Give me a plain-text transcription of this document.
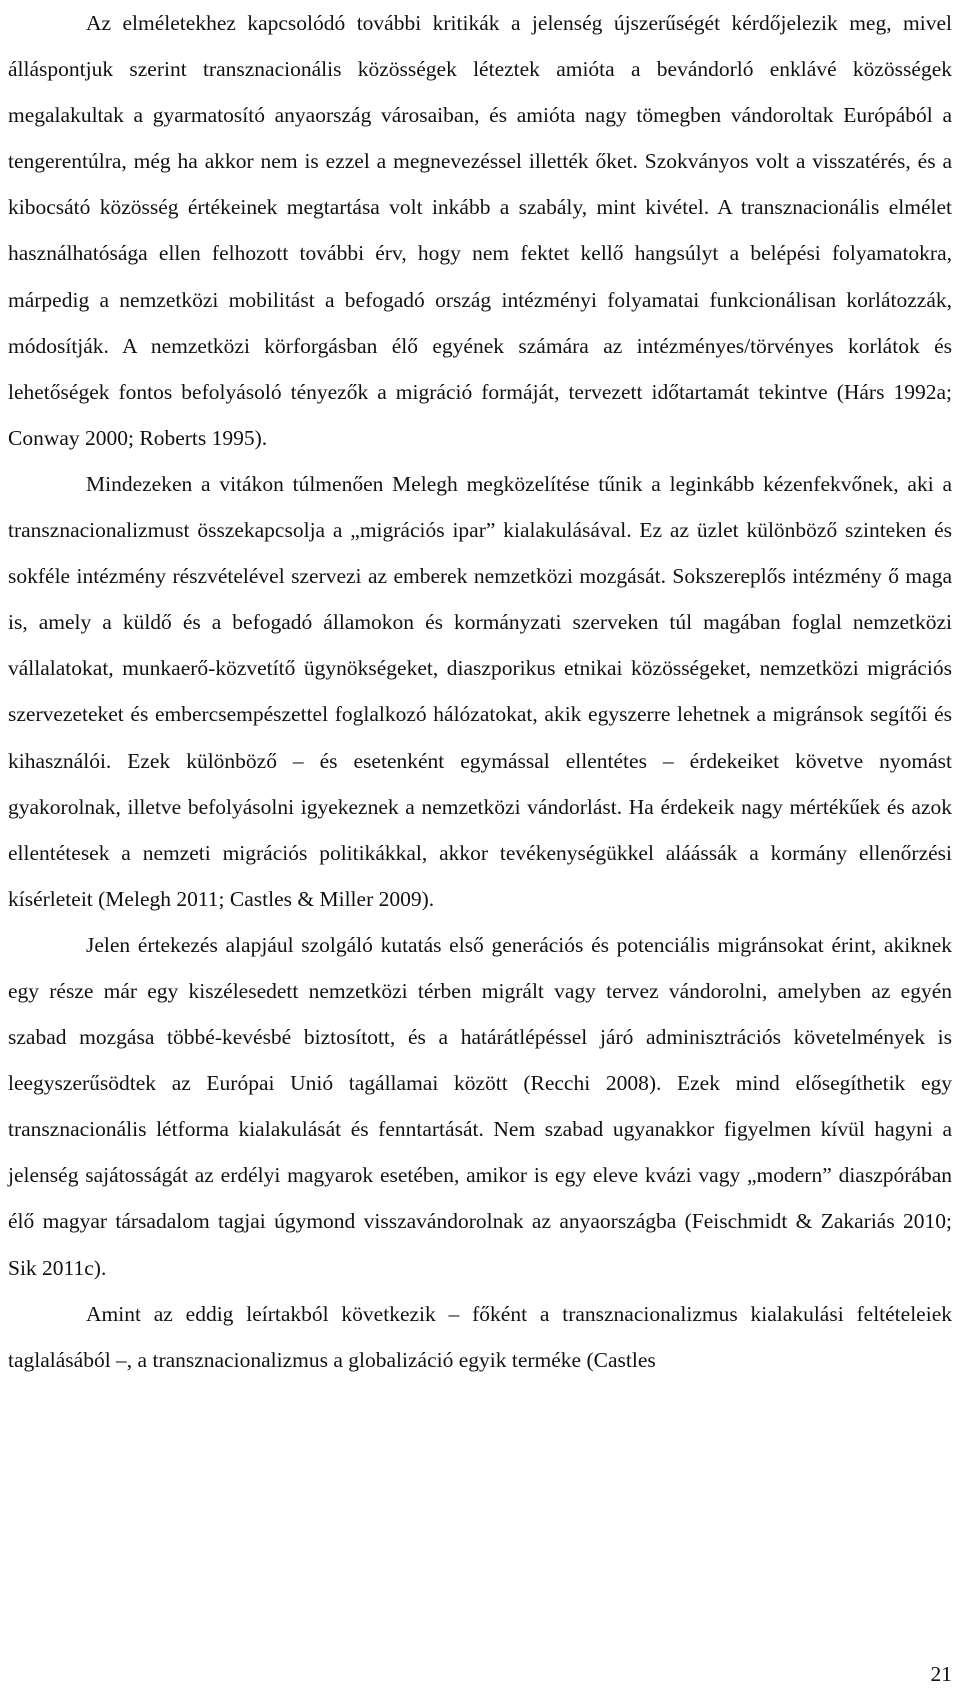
Az elméletekhez kapcsolódó további kritikák a jelenség újszerűségét kérdőjelezik meg, mivel álláspontjuk szerint transznacionális közösségek léteztek amióta a bevándorló enklávé közösségek megalakultak a gyarmatosító anyaország városaiban, és amióta nagy tömegben vándoroltak Európából a tengerentúlra, még ha akkor nem is ezzel a megnevezéssel illették őket. Szokványos volt a visszatérés, és a kibocsátó közösség értékeinek megtartása volt inkább a szabály, mint kivétel. A transznacionális elmélet használhatósága ellen felhozott további érv, hogy nem fektet kellő hangsúlyt a belépési folyamatokra, márpedig a nemzetközi mobilitást a befogadó ország intézményi folyamatai funkcionálisan korlátozzák, módosítják. A nemzetközi körforgásban élő egyének számára az intézményes/törvényes korlátok és lehetőségek fontos befolyásoló tényezők a migráció formáját, tervezett időtartamát tekintve (Hárs 1992a; Conway 2000; Roberts 1995).

Mindezeken a vitákon túlmenően Melegh megközelítése tűnik a leginkább kézenfekvőnek, aki a transznacionalizmust összekapcsolja a „migrációs ipar” kialakulásával. Ez az üzlet különböző szinteken és sokféle intézmény részvételével szervezi az emberek nemzetközi mozgását. Sokszereplős intézmény ő maga is, amely a küldő és a befogadó államokon és kormányzati szerveken túl magában foglal nemzetközi vállalatokat, munkaerő-közvetítő ügynökségeket, diaszporikus etnikai közösségeket, nemzetközi migrációs szervezeteket és embercsempészettel foglalkozó hálózatokat, akik egyszerre lehetnek a migránsok segítői és kihasználói. Ezek különböző – és esetenként egymással ellentétes – érdekeiket követve nyomást gyakorolnak, illetve befolyásolni igyekeznek a nemzetközi vándorlást. Ha érdekeik nagy mértékűek és azok ellentétesek a nemzeti migrációs politikákkal, akkor tevékenységükkel aláássák a kormány ellenőrzési kísérleteit (Melegh 2011; Castles & Miller 2009).

Jelen értekezés alapjául szolgáló kutatás első generációs és potenciális migránsokat érint, akiknek egy része már egy kiszélesedett nemzetközi térben migrált vagy tervez vándorolni, amelyben az egyén szabad mozgása többé-kevésbé biztosított, és a határátlépéssel járó adminisztrációs követelmények is leegyszerűsödtek az Európai Unió tagállamai között (Recchi 2008). Ezek mind elősegíthetik egy transznacionális létforma kialakulását és fenntartását. Nem szabad ugyanakkor figyelmen kívül hagyni a jelenség sajátosságát az erdélyi magyarok esetében, amikor is egy eleve kvázi vagy „modern” diaszpórában élő magyar társadalom tagjai úgymond visszavándorolnak az anyaországba (Feischmidt & Zakariás 2010; Sik 2011c).

Amint az eddig leírtakból következik – főként a transznacionalizmus kialakulási feltételeiek taglalásából –, a transznacionalizmus a globalizáció egyik terméke (Castles

21
